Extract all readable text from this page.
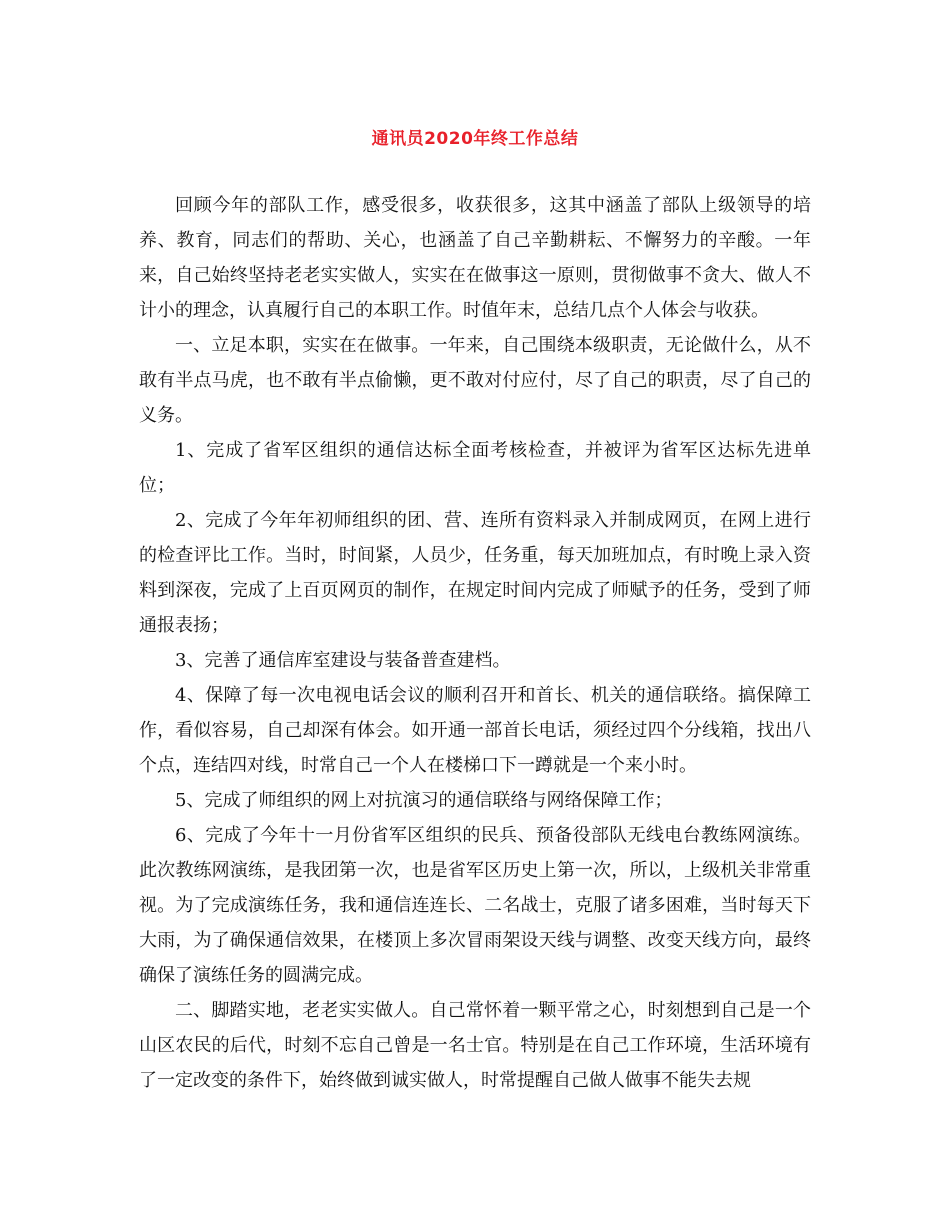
通讯员2020年终工作总结

回顾今年的部队工作，感受很多，收获很多，这其中涵盖了部队上级领导的培养、教育，同志们的帮助、关心，也涵盖了自己辛勤耕耘、不懈努力的辛酸。一年来，自己始终坚持老老实实做人，实实在在做事这一原则，贯彻做事不贪大、做人不计小的理念，认真履行自己的本职工作。时值年末，总结几点个人体会与收获。

一、立足本职，实实在在做事。一年来，自己围绕本级职责，无论做什么，从不敢有半点马虎，也不敢有半点偷懒，更不敢对付应付，尽了自己的职责，尽了自己的义务。

1、完成了省军区组织的通信达标全面考核检查，并被评为省军区达标先进单位；

2、完成了今年年初师组织的团、营、连所有资料录入并制成网页，在网上进行的检查评比工作。当时，时间紧，人员少，任务重，每天加班加点，有时晚上录入资料到深夜，完成了上百页网页的制作，在规定时间内完成了师赋予的任务，受到了师通报表扬；

3、完善了通信库室建设与装备普查建档。

4、保障了每一次电视电话会议的顺利召开和首长、机关的通信联络。搞保障工作，看似容易，自己却深有体会。如开通一部首长电话，须经过四个分线箱，找出八个点，连结四对线，时常自己一个人在楼梯口下一蹲就是一个来小时。

5、完成了师组织的网上对抗演习的通信联络与网络保障工作；

6、完成了今年十一月份省军区组织的民兵、预备役部队无线电台教练网演练。此次教练网演练，是我团第一次，也是省军区历史上第一次，所以，上级机关非常重视。为了完成演练任务，我和通信连连长、二名战士，克服了诸多困难，当时每天下大雨，为了确保通信效果，在楼顶上多次冒雨架设天线与调整、改变天线方向，最终确保了演练任务的圆满完成。

二、脚踏实地，老老实实做人。自己常怀着一颗平常之心，时刻想到自己是一个山区农民的后代，时刻不忘自己曾是一名士官。特别是在自己工作环境，生活环境有了一定改变的条件下，始终做到诚实做人，时常提醒自己做人做事不能失去规
